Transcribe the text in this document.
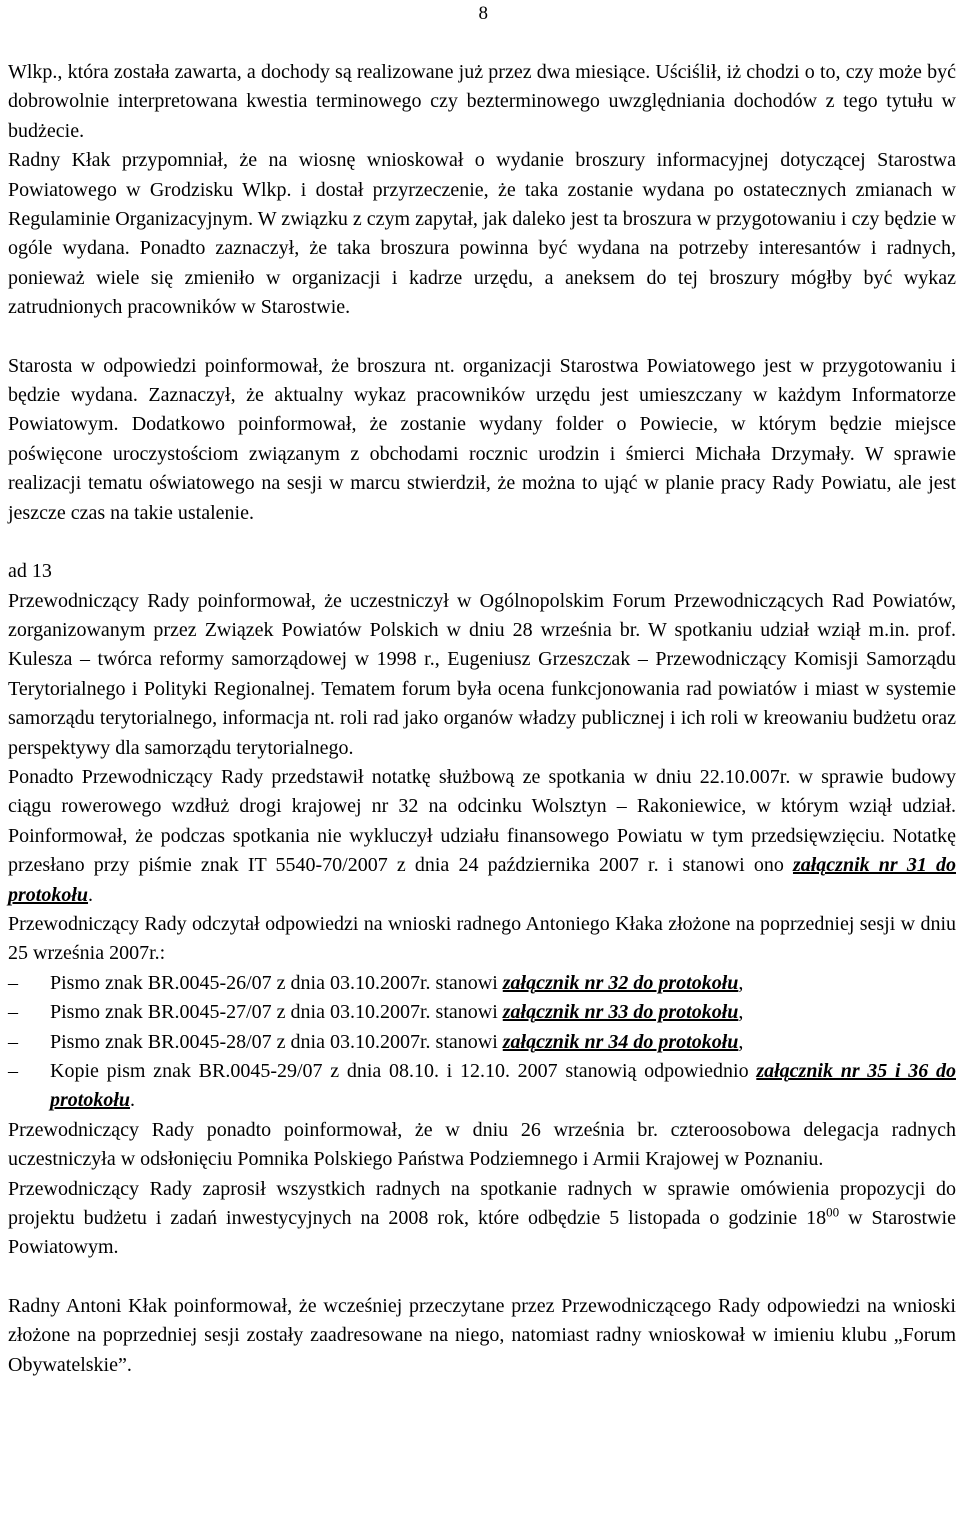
8

Wlkp., która została zawarta, a dochody są realizowane już przez dwa miesiące. Uściślił, iż chodzi o to, czy może być dobrowolnie interpretowana kwestia terminowego czy bezterminowego uwzględniania dochodów z tego tytułu w budżecie.

Radny Kłak przypomniał, że na wiosnę wnioskował o wydanie broszury informacyjnej dotyczącej Starostwa Powiatowego w Grodzisku Wlkp. i dostał przyrzeczenie, że taka zostanie wydana po ostatecznych zmianach w Regulaminie Organizacyjnym. W związku z czym zapytał, jak daleko jest ta broszura w przygotowaniu i czy będzie w ogóle wydana. Ponadto zaznaczył, że taka broszura powinna być wydana na potrzeby interesantów i radnych, ponieważ wiele się zmieniło w organizacji i kadrze urzędu, a aneksem do tej broszury mógłby być wykaz zatrudnionych pracowników w Starostwie.

Starosta w odpowiedzi poinformował, że broszura nt. organizacji Starostwa Powiatowego jest w przygotowaniu i będzie wydana. Zaznaczył, że aktualny wykaz pracowników urzędu jest umieszczany w każdym Informatorze Powiatowym. Dodatkowo poinformował, że zostanie wydany folder o Powiecie, w którym będzie miejsce poświęcone uroczystościom związanym z obchodami rocznic urodzin i śmierci Michała Drzymały. W sprawie realizacji tematu oświatowego na sesji w marcu stwierdził, że można to ująć w planie pracy Rady Powiatu, ale jest jeszcze czas na takie ustalenie.

ad 13

Przewodniczący Rady poinformował, że uczestniczył w Ogólnopolskim Forum Przewodniczących Rad Powiatów, zorganizowanym przez Związek Powiatów Polskich w dniu 28 września br. W spotkaniu udział wziął m.in. prof. Kulesza – twórca reformy samorządowej w 1998 r., Eugeniusz Grzeszczak – Przewodniczący Komisji Samorządu Terytorialnego i Polityki Regionalnej. Tematem forum była ocena funkcjonowania rad powiatów i miast w systemie samorządu terytorialnego, informacja nt. roli rad jako organów władzy publicznej i ich roli w kreowaniu budżetu oraz perspektywy dla samorządu terytorialnego.

Ponadto Przewodniczący Rady przedstawił notatkę służbową ze spotkania w dniu 22.10.007r. w sprawie budowy ciągu rowerowego wzdłuż drogi krajowej nr 32 na odcinku Wolsztyn – Rakoniewice, w którym wziął udział. Poinformował, że podczas spotkania nie wykluczył udziału finansowego Powiatu w tym przedsięwzięciu. Notatkę przesłano przy piśmie znak IT 5540-70/2007 z dnia 24 października 2007 r. i stanowi ono załącznik nr 31 do protokołu.

Przewodniczący Rady odczytał odpowiedzi na wnioski radnego Antoniego Kłaka złożone na poprzedniej sesji w dniu 25 września 2007r.:

– Pismo znak BR.0045-26/07 z dnia 03.10.2007r. stanowi załącznik nr 32 do protokołu,
– Pismo znak BR.0045-27/07 z dnia 03.10.2007r. stanowi załącznik nr 33 do protokołu,
– Pismo znak BR.0045-28/07 z dnia 03.10.2007r. stanowi załącznik nr 34 do protokołu,
– Kopie pism znak BR.0045-29/07 z dnia 08.10. i 12.10. 2007 stanowią odpowiednio załącznik nr 35 i 36 do protokołu.

Przewodniczący Rady ponadto poinformował, że w dniu 26 września br. czteroosobowa delegacja radnych uczestniczyła w odsłonięciu Pomnika Polskiego Państwa Podziemnego i Armii Krajowej w Poznaniu.

Przewodniczący Rady zaprosił wszystkich radnych na spotkanie radnych w sprawie omówienia propozycji do projektu budżetu i zadań inwestycyjnych na 2008 rok, które odbędzie 5 listopada o godzinie $18^{00}$ w Starostwie Powiatowym.

Radny Antoni Kłak poinformował, że wcześniej przeczytane przez Przewodniczącego Rady odpowiedzi na wnioski złożone na poprzedniej sesji zostały zaadresowane na niego, natomiast radny wnioskował w imieniu klubu „Forum Obywatelskie”.
